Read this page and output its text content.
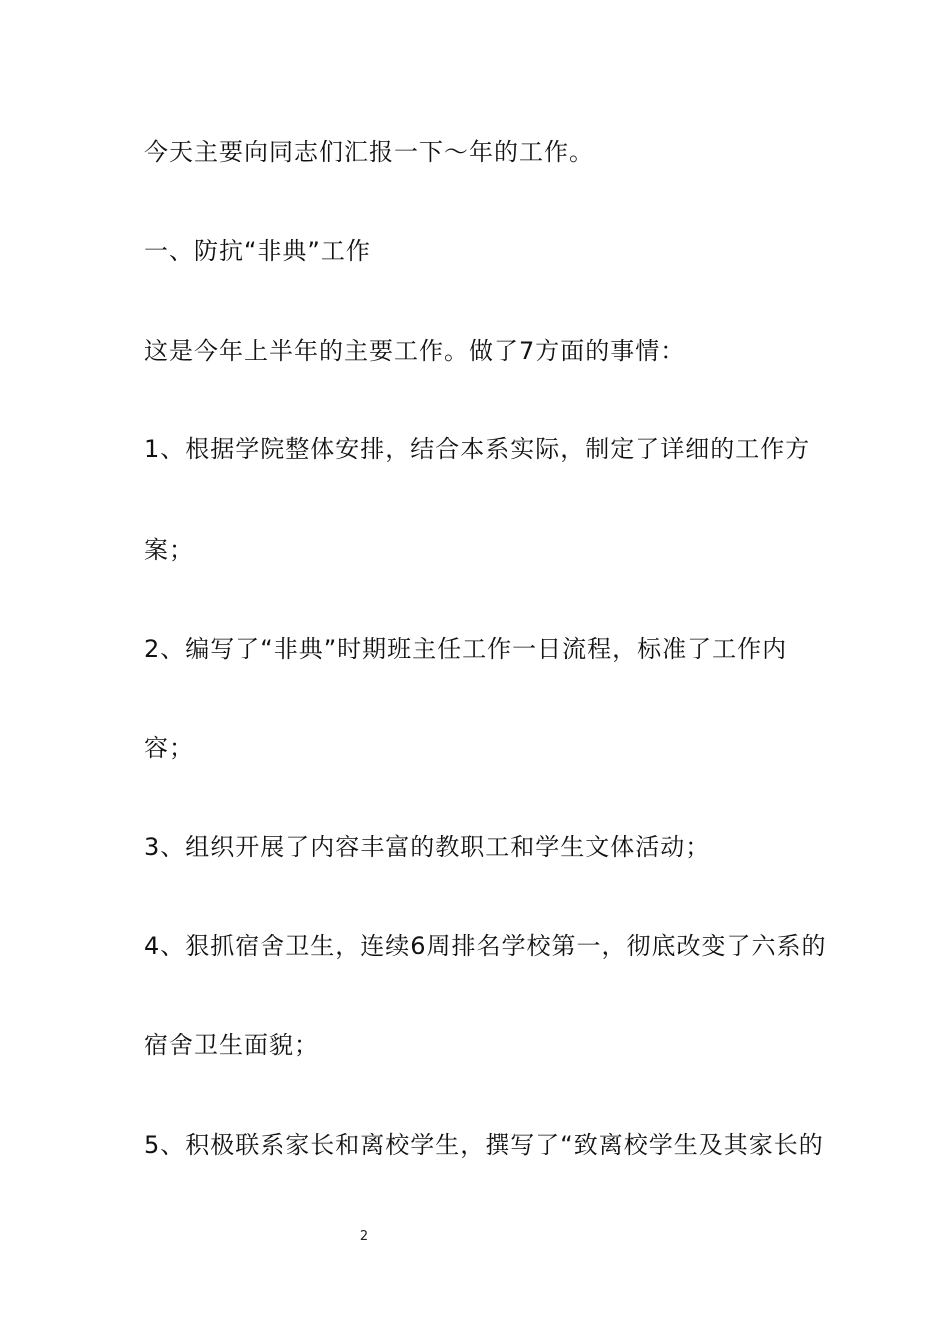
今天主要向同志们汇报一下～年的工作。
一、防抗“非典”工作
这是今年上半年的主要工作。做了7方面的事情：
1、根据学院整体安排，结合本系实际，制定了详细的工作方
案；
2、编写了“非典”时期班主任工作一日流程，标准了工作内
容；
3、组织开展了内容丰富的教职工和学生文体活动；
4、狠抓宿舍卫生，连续6周排名学校第一，彻底改变了六系的
宿舍卫生面貌；
5、积极联系家长和离校学生，撰写了“致离校学生及其家长的
2
